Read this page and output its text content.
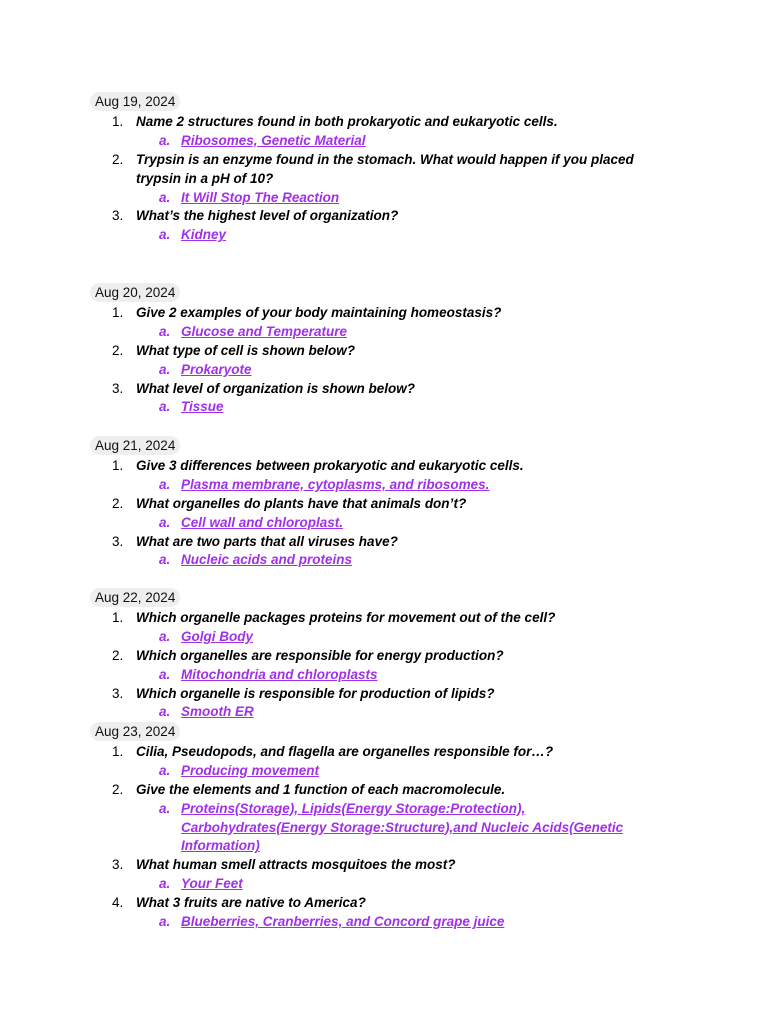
Aug 19, 2024
1. Name 2 structures found in both prokaryotic and eukaryotic cells.
a. Ribosomes, Genetic Material
2. Trypsin is an enzyme found in the stomach. What would happen if you placed
trypsin in a pH of 10?
a. It Will Stop The Reaction
3. What’s the highest level of organization?
a. Kidney
Aug 20, 2024
1. Give 2 examples of your body maintaining homeostasis?
a. Glucose and Temperature
2. What type of cell is shown below?
a. Prokaryote
3. What level of organization is shown below?
a. Tissue
Aug 21, 2024
1. Give 3 differences between prokaryotic and eukaryotic cells.
a. Plasma membrane, cytoplasms, and ribosomes.
2. What organelles do plants have that animals don’t?
a. Cell wall and chloroplast.
3. What are two parts that all viruses have?
a. Nucleic acids and proteins
Aug 22, 2024
1. Which organelle packages proteins for movement out of the cell?
a. Golgi Body
2. Which organelles are responsible for energy production?
a. Mitochondria and chloroplasts
3. Which organelle is responsible for production of lipids?
a. Smooth ER
Aug 23, 2024
1. Cilia, Pseudopods, and flagella are organelles responsible for…?
a. Producing movement
2. Give the elements and 1 function of each macromolecule.
a. Proteins(Storage), Lipids(Energy Storage:Protection),
Carbohydrates(Energy Storage:Structure),and Nucleic Acids(Genetic
Information)
3. What human smell attracts mosquitoes the most?
a. Your Feet
4. What 3 fruits are native to America?
a. Blueberries, Cranberries, and Concord grape juice
